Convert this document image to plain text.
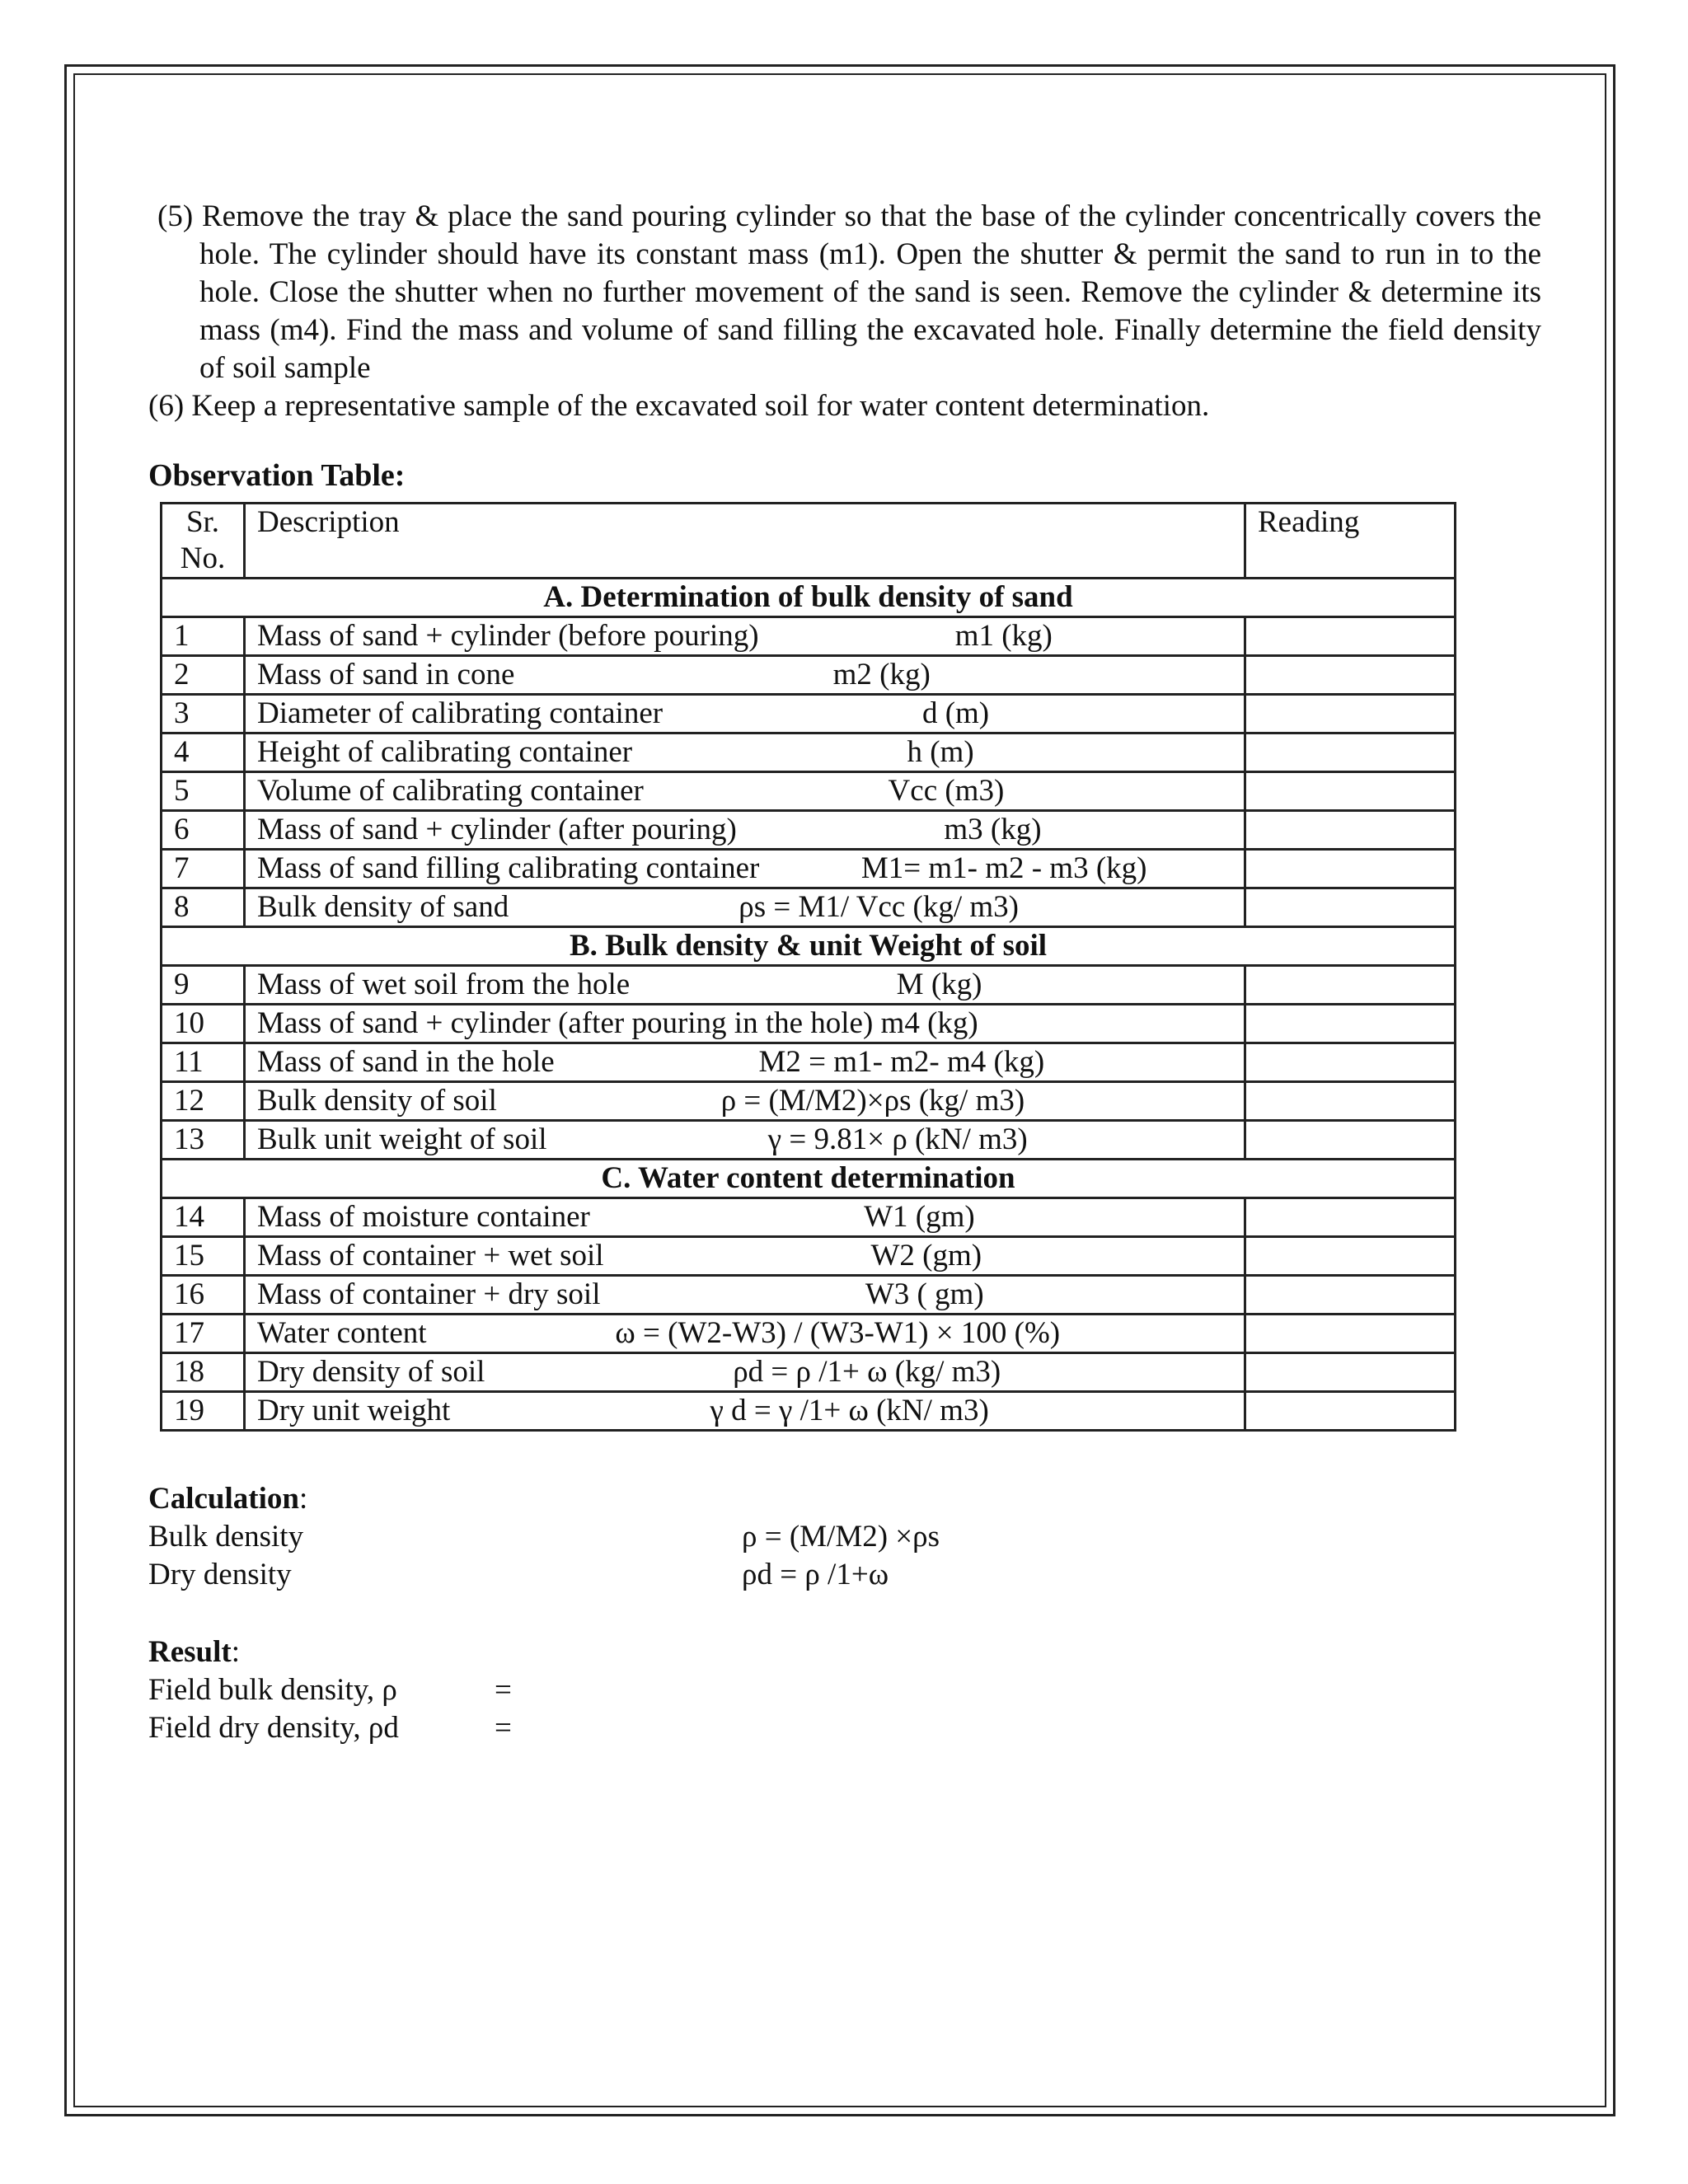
(5) Remove the tray & place the sand pouring cylinder so that the base of the cylinder concentrically covers the hole. The cylinder should have its constant mass (m1). Open the shutter & permit the sand to run in to the hole. Close the shutter when no further movement of the sand is seen. Remove the cylinder & determine its mass (m4). Find the mass and volume of sand filling the excavated hole. Finally determine the field density of soil sample

(6) Keep a representative sample of the excavated soil for water content determination.

Observation Table:
Sr. No.	Description	Reading
A. Determination of bulk density of sand		
1	Mass of sand + cylinder (before pouring) m1 (kg)	

2	Mass of sand in cone m2 (kg)	

3	Diameter of calibrating container d (m)	

4	Height of calibrating container h (m)	

5	Volume of calibrating container Vcc (m3)	

6	Mass of sand + cylinder (after pouring) m3 (kg)	

7	Mass of sand filling calibrating container M1= m1- m2 - m3 (kg)	

8	Bulk density of sand ρs = M1/ Vcc (kg/ m3)	

B. Bulk density & unit Weight of soil		
9	Mass of wet soil from the hole M (kg)	

10	Mass of sand + cylinder (after pouring in the hole) m4 (kg)	

11	Mass of sand in the hole M2 = m1- m2- m4 (kg)	

12	Bulk density of soil ρ = (M/M2)×ρs (kg/ m3)	

13	Bulk unit weight of soil γ = 9.81× ρ (kN/ m3)	

C. Water content determination		
14	Mass of moisture container W1 (gm)	

15	Mass of container + wet soil W2 (gm)	

16	Mass of container + dry soil W3 ( gm)	

17	Water content ω = (W2-W3) / (W3-W1) × 100 (%)	

18	Dry density of soil ρd = ρ /1+ ω (kg/ m3)	

19	Dry unit weight γ d = γ /1+ ω (kN/ m3)	

Calculation:
Bulk density	ρ = (M/M2) ×ρs
Dry density	ρd = ρ /1+ω
Result:
Field bulk density, ρ	=
Field dry density, ρd	=
